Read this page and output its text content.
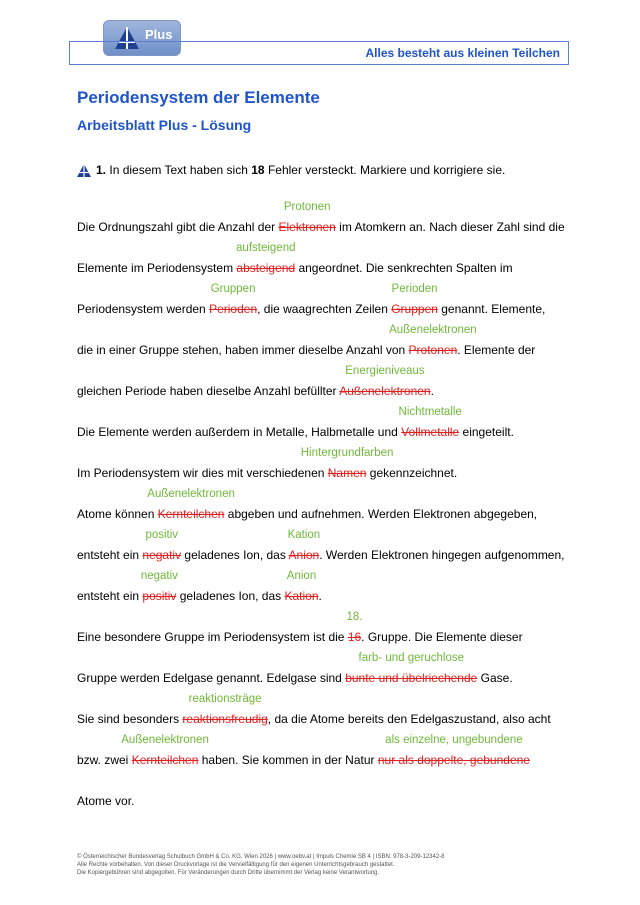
Plus
Alles besteht aus kleinen Teilchen
Periodensystem der Elemente
Arbeitsblatt Plus - Lösung
1. In diesem Text haben sich 18 Fehler versteckt. Markiere und korrigiere sie.
Die Ordnungszahl gibt die Anzahl der Elektronen im Atomkern an. Nach dieser Zahl sind die
Protonen
Elemente im Periodensystem absteigend angeordnet. Die senkrechten Spalten im
aufsteigend
Periodensystem werden Perioden, die waagrechten Zeilen Gruppen genannt. Elemente,
Gruppen	Perioden
die in einer Gruppe stehen, haben immer dieselbe Anzahl von Protonen. Elemente der
Außenelektronen
gleichen Periode haben dieselbe Anzahl befüllter Außenelektronen.
Energieniveaus
Die Elemente werden außerdem in Metalle, Halbmetalle und Vollmetalle eingeteilt.
Nichtmetalle
Im Periodensystem wir dies mit verschiedenen Namen gekennzeichnet.
Hintergrundfarben
Atome können Kernteilchen abgeben und aufnehmen. Werden Elektronen abgegeben,
Außenelektronen
entsteht ein negativ geladenes Ion, das Anion. Werden Elektronen hingegen aufgenommen,
positiv	Kation
entsteht ein positiv geladenes Ion, das Kation.
negativ	Anion
Eine besondere Gruppe im Periodensystem ist die 16. Gruppe. Die Elemente dieser
18.
Gruppe werden Edelgase genannt. Edelgase sind bunte und übelriechende Gase.
farb- und geruchlose
Sie sind besonders reaktionsfreudig, da die Atome bereits den Edelgaszustand, also acht
reaktionsträge
bzw. zwei Kernteilchen haben. Sie kommen in der Natur nur als doppelte, gebundene
Außenelektronen	als einzelne, ungebundene
Atome vor.
© Österreichischer Bundesverlag Schulbuch GmbH & Co. KG, Wien 2026 | www.oebv.at | Impuls Chemie SB 4 | ISBN: 978-3-209-12342-8
Alle Rechte vorbehalten. Von dieser Druckvorlage ist die Vervielfältigung für den eigenen Unterrichtsgebrauch gestattet.
Die Kopiergebühren sind abgegolten. Für Veränderungen durch Dritte übernimmt der Verlag keine Verantwortung.
